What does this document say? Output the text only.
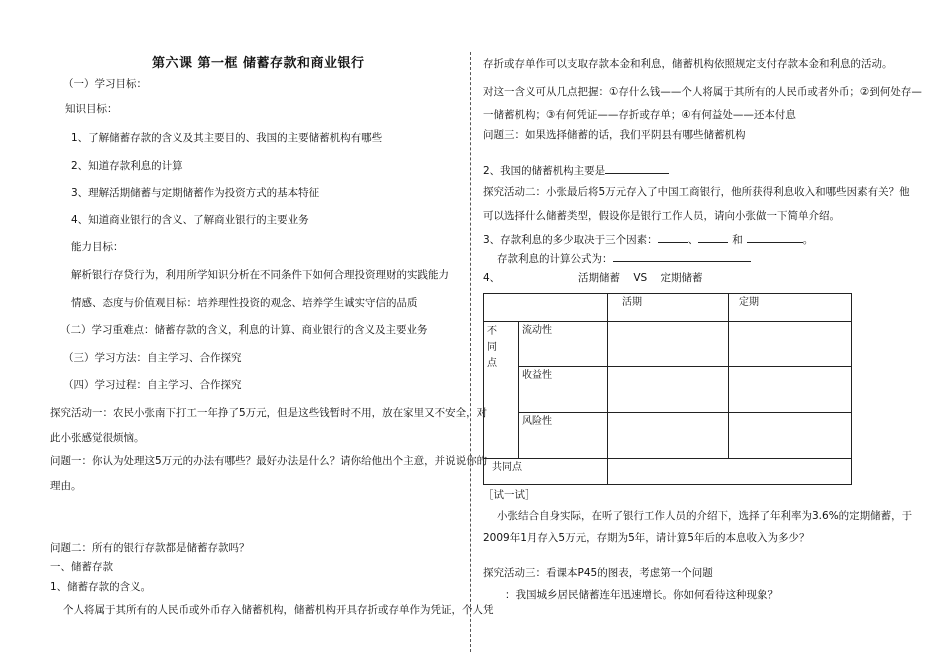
第六课 第一框 储蓄存款和商业银行
（一）学习目标：
知识目标：
1、了解储蓄存款的含义及其主要目的、我国的主要储蓄机构有哪些
2、知道存款利息的计算
3、理解活期储蓄与定期储蓄作为投资方式的基本特征
4、知道商业银行的含义、了解商业银行的主要业务
能力目标：
解析银行存贷行为，利用所学知识分析在不同条件下如何合理投资理财的实践能力
情感、态度与价值观目标：培养理性投资的观念、培养学生诚实守信的品质
（二）学习重难点：储蓄存款的含义，利息的计算、商业银行的含义及主要业务
（三）学习方法：自主学习、合作探究
（四）学习过程：自主学习、合作探究
探究活动一：农民小张南下打工一年挣了5万元，但是这些钱暂时不用，放在家里又不安全，对
此小张感觉很烦恼。
问题一：你认为处理这5万元的办法有哪些？最好办法是什么？请你给他出个主意，并说说你的
理由。
问题二：所有的银行存款都是储蓄存款吗？
一、储蓄存款
1、储蓄存款的含义。
个人将属于其所有的人民币或外币存入储蓄机构，储蓄机构开具存折或存单作为凭证，个人凭
存折或存单作可以支取存款本金和利息，储蓄机构依照规定支付存款本金和利息的活动。
对这一含义可从几点把握：①存什么钱——个人将属于其所有的人民币或者外币；②到何处存—
一储蓄机构；③有何凭证——存折或存单；④有何益处——还本付息
问题三：如果选择储蓄的话，我们平阴县有哪些储蓄机构
2、我国的储蓄机构主要是
探究活动二：小张最后将5万元存入了中国工商银行，他所获得利息收入和哪些因素有关？他
可以选择什么储蓄类型，假设你是银行工作人员，请向小张做一下简单介绍。
3、存款利息的多少取决于三个因素：	、	和	。
存款利息的计算公式为：
4、	活期储蓄    VS    定期储蓄
		活期	定期

不同点	流动性		
	收益性		
	风险性		
共同点			
［试一试］
小张结合自身实际，在听了银行工作人员的介绍下，选择了年利率为3.6%的定期储蓄，于
2009年1月存入5万元，存期为5年，请计算5年后的本息收入为多少？
探究活动三：看课本P45的图表，考虑第一个问题
：我国城乡居民储蓄连年迅速增长。你如何看待这种现象？
